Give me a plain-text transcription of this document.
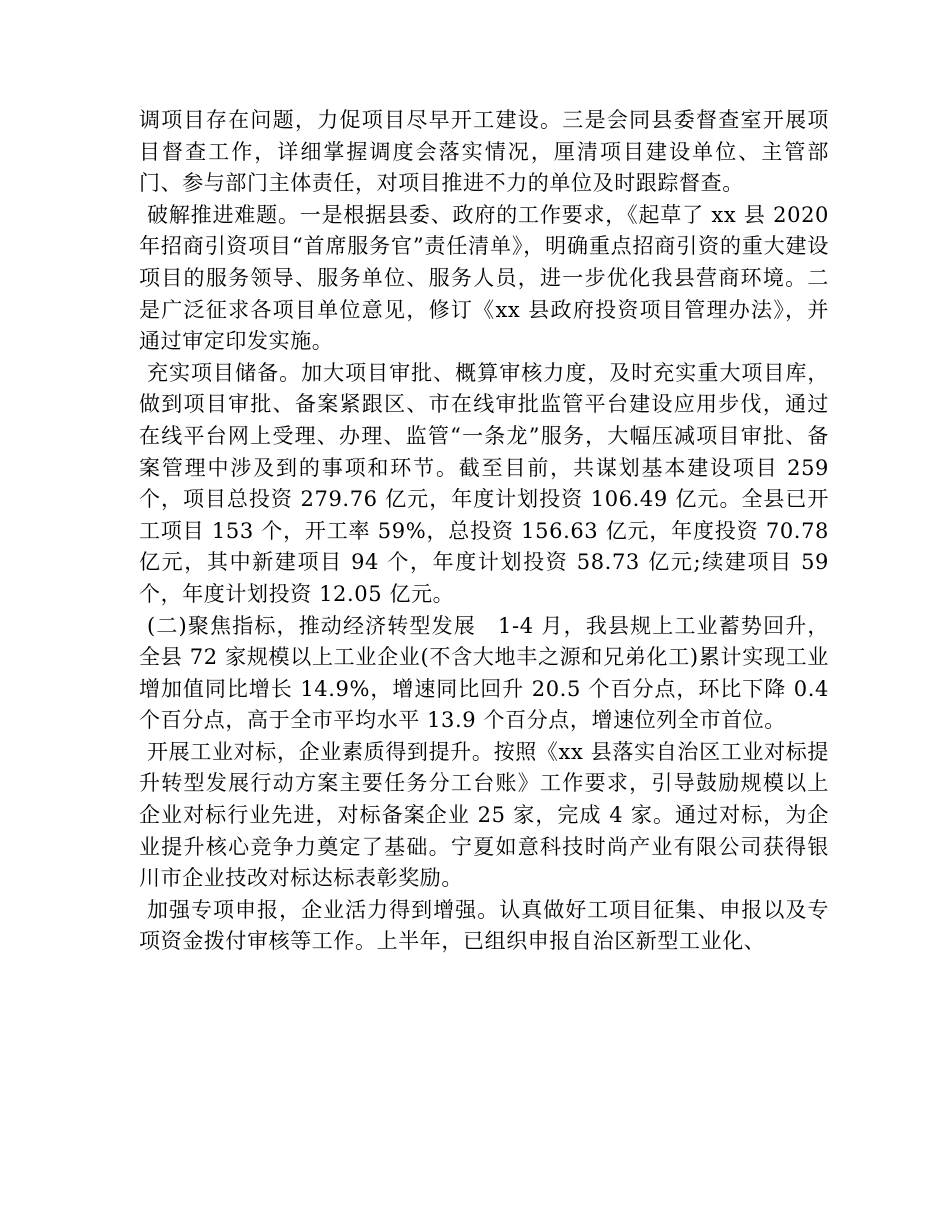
调项目存在问题，力促项目尽早开工建设。三是会同县委督查室开展项目督查工作，详细掌握调度会落实情况，厘清项目建设单位、主管部门、参与部门主体责任，对项目推进不力的单位及时跟踪督查。

破解推进难题。一是根据县委、政府的工作要求，《起草了 xx 县 2020 年招商引资项目“首席服务官”责任清单》，明确重点招商引资的重大建设项目的服务领导、服务单位、服务人员，进一步优化我县营商环境。二是广泛征求各项目单位意见，修订《xx 县政府投资项目管理办法》，并通过审定印发实施。

充实项目储备。加大项目审批、概算审核力度，及时充实重大项目库，做到项目审批、备案紧跟区、市在线审批监管平台建设应用步伐，通过在线平台网上受理、办理、监管“一条龙”服务，大幅压减项目审批、备案管理中涉及到的事项和环节。截至目前，共谋划基本建设项目 259 个，项目总投资 279.76 亿元，年度计划投资 106.49 亿元。全县已开工项目 153 个，开工率 59%，总投资 156.63 亿元，年度投资 70.78 亿元，其中新建项目 94 个，年度计划投资 58.73 亿元;续建项目 59 个，年度计划投资 12.05 亿元。

(二)聚焦指标，推动经济转型发展　1-4 月，我县规上工业蓄势回升，全县 72 家规模以上工业企业(不含大地丰之源和兄弟化工)累计实现工业增加值同比增长 14.9%，增速同比回升 20.5 个百分点，环比下降 0.4 个百分点，高于全市平均水平 13.9 个百分点，增速位列全市首位。

开展工业对标，企业素质得到提升。按照《xx 县落实自治区工业对标提升转型发展行动方案主要任务分工台账》工作要求，引导鼓励规模以上企业对标行业先进，对标备案企业 25 家，完成 4 家。通过对标，为企业提升核心竞争力奠定了基础。宁夏如意科技时尚产业有限公司获得银川市企业技改对标达标表彰奖励。

加强专项申报，企业活力得到增强。认真做好工项目征集、申报以及专项资金拨付审核等工作。上半年，已组织申报自治区新型工业化、
